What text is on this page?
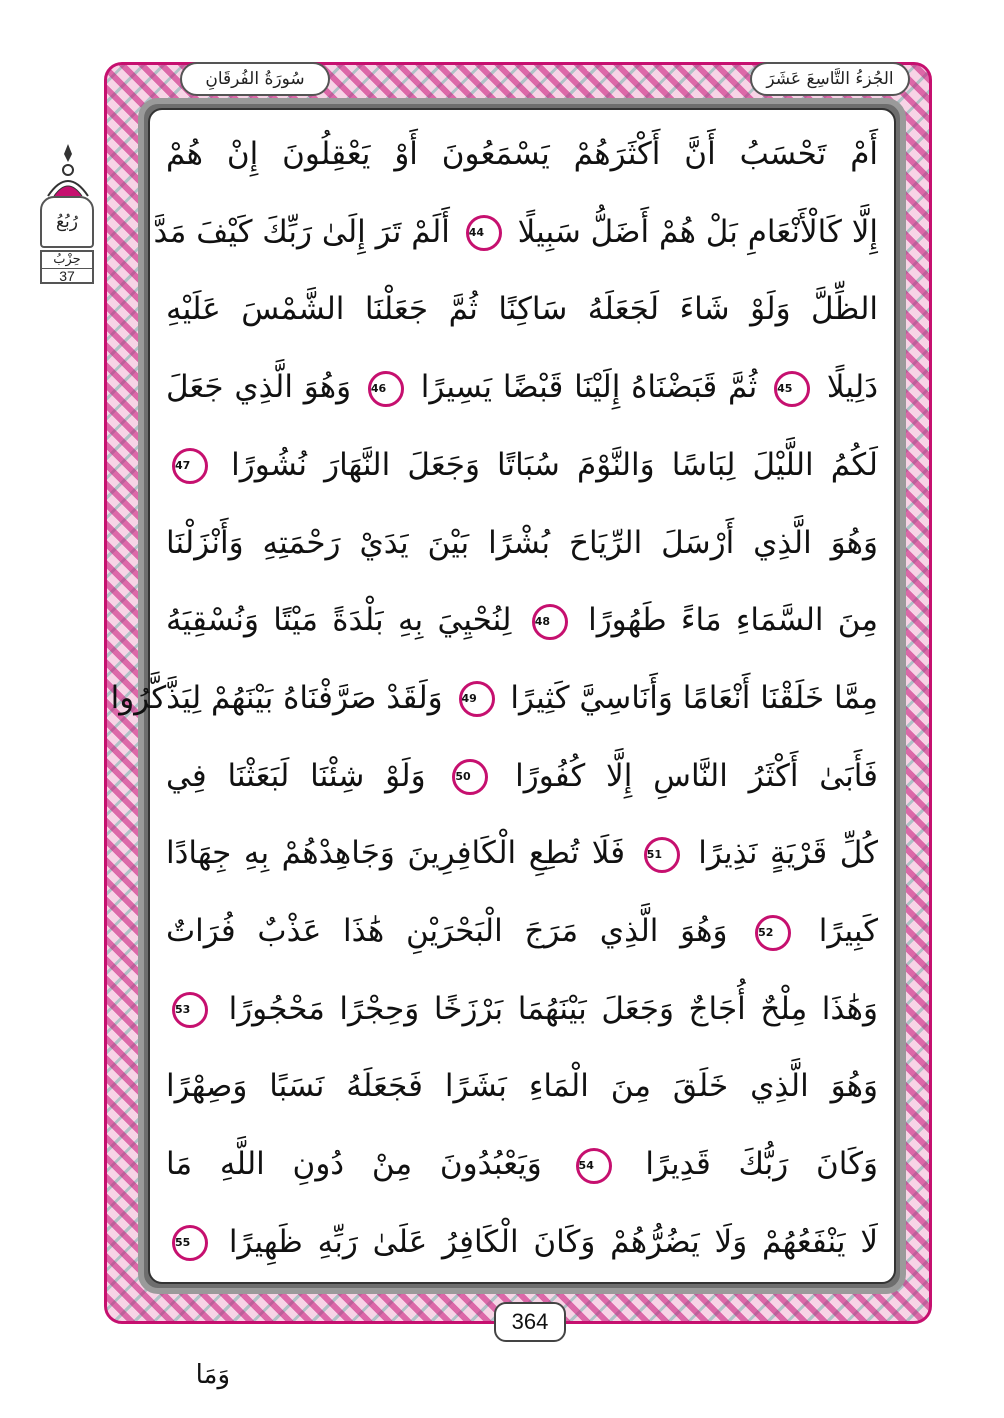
الجُزءُ التَّاسِعَ عَشَرَ
سُورَةُ الفُرقَانِ
رُبُعُ
حِزْبُ
37
أَمْ تَحْسَبُ أَنَّ أَكْثَرَهُمْ يَسْمَعُونَ أَوْ يَعْقِلُونَ إِنْ هُمْ
إِلَّا كَالْأَنْعَامِ بَلْ هُمْ أَضَلُّ سَبِيلًا 44 أَلَمْ تَرَ إِلَىٰ رَبِّكَ كَيْفَ مَدَّ
الظِّلَّ وَلَوْ شَاءَ لَجَعَلَهُ سَاكِنًا ثُمَّ جَعَلْنَا الشَّمْسَ عَلَيْهِ
دَلِيلًا 45 ثُمَّ قَبَضْنَاهُ إِلَيْنَا قَبْضًا يَسِيرًا 46 وَهُوَ الَّذِي جَعَلَ
لَكُمُ اللَّيْلَ لِبَاسًا وَالنَّوْمَ سُبَاتًا وَجَعَلَ النَّهَارَ نُشُورًا 47
وَهُوَ الَّذِي أَرْسَلَ الرِّيَاحَ بُشْرًا بَيْنَ يَدَيْ رَحْمَتِهِ وَأَنْزَلْنَا
مِنَ السَّمَاءِ مَاءً طَهُورًا 48 لِنُحْيِيَ بِهِ بَلْدَةً مَيْتًا وَنُسْقِيَهُ
مِمَّا خَلَقْنَا أَنْعَامًا وَأَنَاسِيَّ كَثِيرًا 49 وَلَقَدْ صَرَّفْنَاهُ بَيْنَهُمْ لِيَذَّكَّرُوا
فَأَبَىٰ أَكْثَرُ النَّاسِ إِلَّا كُفُورًا 50 وَلَوْ شِئْنَا لَبَعَثْنَا فِي
كُلِّ قَرْيَةٍ نَذِيرًا 51 فَلَا تُطِعِ الْكَافِرِينَ وَجَاهِدْهُمْ بِهِ جِهَادًا
كَبِيرًا 52 وَهُوَ الَّذِي مَرَجَ الْبَحْرَيْنِ هَٰذَا عَذْبٌ فُرَاتٌ
وَهَٰذَا مِلْحٌ أُجَاجٌ وَجَعَلَ بَيْنَهُمَا بَرْزَخًا وَحِجْرًا مَحْجُورًا 53
وَهُوَ الَّذِي خَلَقَ مِنَ الْمَاءِ بَشَرًا فَجَعَلَهُ نَسَبًا وَصِهْرًا
وَكَانَ رَبُّكَ قَدِيرًا 54 وَيَعْبُدُونَ مِنْ دُونِ اللَّهِ مَا
لَا يَنْفَعُهُمْ وَلَا يَضُرُّهُمْ وَكَانَ الْكَافِرُ عَلَىٰ رَبِّهِ ظَهِيرًا 55
364
وَمَا
